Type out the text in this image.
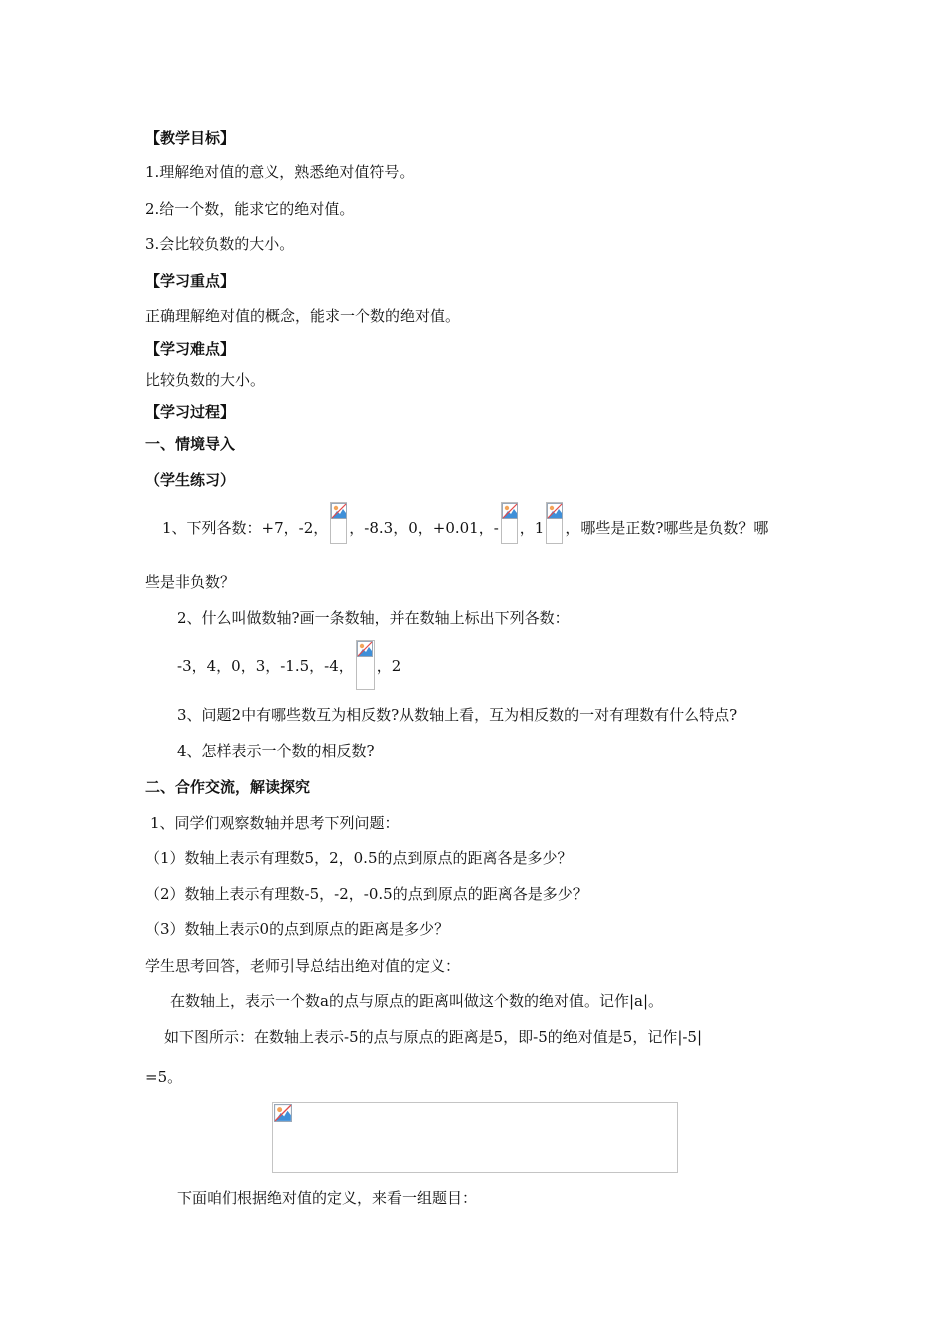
【教学目标】
1.理解绝对值的意义，熟悉绝对值符号。
2.给一个数，能求它的绝对值。
3.会比较负数的大小。
【学习重点】
正确理解绝对值的概念，能求一个数的绝对值。
【学习难点】
比较负数的大小。
【学习过程】
一、情境导入
（学生练习）
1、下列各数：+7，-2， ，-8.3，0，+0.01，- ，1 ，哪些是正数?哪些是负数？哪
些是非负数？
2、什么叫做数轴?画一条数轴，并在数轴上标出下列各数：
-3，4，0，3，-1.5，-4， ，2
3、问题2中有哪些数互为相反数?从数轴上看，互为相反数的一对有理数有什么特点?
4、怎样表示一个数的相反数?
二、合作交流，解读探究
1、同学们观察数轴并思考下列问题：
（1）数轴上表示有理数5，2，0.5的点到原点的距离各是多少？
（2）数轴上表示有理数-5，-2，-0.5的点到原点的距离各是多少？
（3）数轴上表示0的点到原点的距离是多少？
学生思考回答，老师引导总结出绝对值的定义：
在数轴上，表示一个数a的点与原点的距离叫做这个数的绝对值。记作|a|。
如下图所示：在数轴上表示-5的点与原点的距离是5，即-5的绝对值是5，记作|-5|
=5。
下面咱们根据绝对值的定义，来看一组题目：
